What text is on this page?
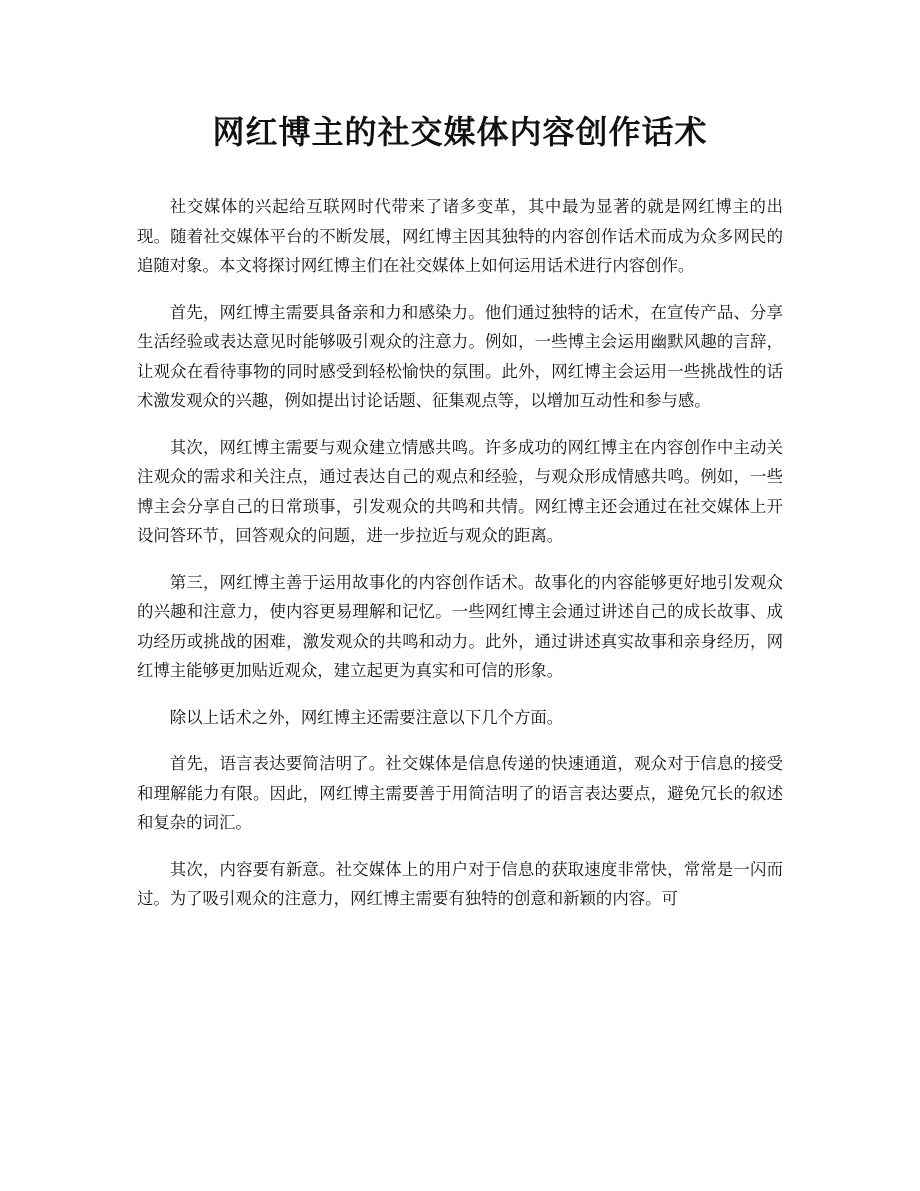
网红博主的社交媒体内容创作话术

社交媒体的兴起给互联网时代带来了诸多变革，其中最为显著的就是网红博主的出现。随着社交媒体平台的不断发展，网红博主因其独特的内容创作话术而成为众多网民的追随对象。本文将探讨网红博主们在社交媒体上如何运用话术进行内容创作。

首先，网红博主需要具备亲和力和感染力。他们通过独特的话术，在宣传产品、分享生活经验或表达意见时能够吸引观众的注意力。例如，一些博主会运用幽默风趣的言辞，让观众在看待事物的同时感受到轻松愉快的氛围。此外，网红博主会运用一些挑战性的话术激发观众的兴趣，例如提出讨论话题、征集观点等，以增加互动性和参与感。

其次，网红博主需要与观众建立情感共鸣。许多成功的网红博主在内容创作中主动关注观众的需求和关注点，通过表达自己的观点和经验，与观众形成情感共鸣。例如，一些博主会分享自己的日常琐事，引发观众的共鸣和共情。网红博主还会通过在社交媒体上开设问答环节，回答观众的问题，进一步拉近与观众的距离。

第三，网红博主善于运用故事化的内容创作话术。故事化的内容能够更好地引发观众的兴趣和注意力，使内容更易理解和记忆。一些网红博主会通过讲述自己的成长故事、成功经历或挑战的困难，激发观众的共鸣和动力。此外，通过讲述真实故事和亲身经历，网红博主能够更加贴近观众，建立起更为真实和可信的形象。

除以上话术之外，网红博主还需要注意以下几个方面。

首先，语言表达要简洁明了。社交媒体是信息传递的快速通道，观众对于信息的接受和理解能力有限。因此，网红博主需要善于用简洁明了的语言表达要点，避免冗长的叙述和复杂的词汇。

其次，内容要有新意。社交媒体上的用户对于信息的获取速度非常快，常常是一闪而过。为了吸引观众的注意力，网红博主需要有独特的创意和新颖的内容。可
